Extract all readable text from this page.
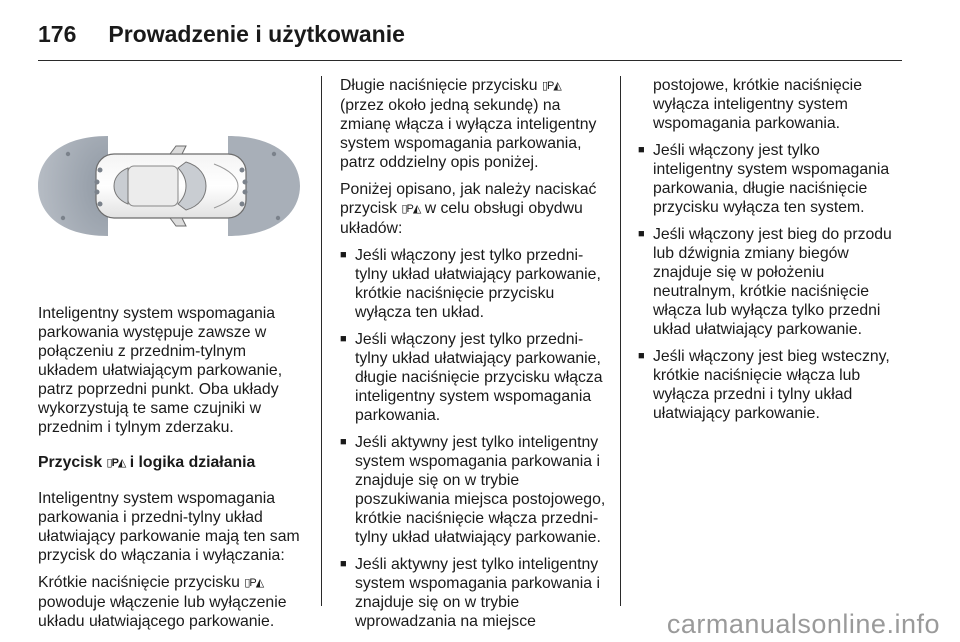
176 Prowadzenie i użytkowanie

Inteligentny system wspomagania parkowania występuje zawsze w połączeniu z przednim-tylnym układem ułatwiającym parkowanie, patrz poprzedni punkt. Oba układy wykorzystują te same czujniki w przednim i tylnym zderzaku.

Przycisk ▯P◭ i logika działania

Inteligentny system wspomagania parkowania i przedni-tylny układ ułatwiający parkowanie mają ten sam przycisk do włączania i wyłączania:

Krótkie naciśnięcie przycisku ▯P◭ powoduje włączenie lub wyłączenie układu ułatwiającego parkowanie.

Długie naciśnięcie przycisku ▯P◭ (przez około jedną sekundę) na zmianę włącza i wyłącza inteligentny system wspomagania parkowania, patrz oddzielny opis poniżej.

Poniżej opisano, jak należy naciskać przycisk ▯P◭ w celu obsługi obydwu układów:

■ Jeśli włączony jest tylko przedni-tylny układ ułatwiający parkowanie, krótkie naciśnięcie przycisku wyłącza ten układ.
■ Jeśli włączony jest tylko przedni-tylny układ ułatwiający parkowanie, długie naciśnięcie przycisku włącza inteligentny system wspomagania parkowania.
■ Jeśli aktywny jest tylko inteligentny system wspomagania parkowania i znajduje się on w trybie poszukiwania miejsca postojowego, krótkie naciśnięcie włącza przedni-tylny układ ułatwiający parkowanie.
■ Jeśli aktywny jest tylko inteligentny system wspomagania parkowania i znajduje się on w trybie wprowadzania na miejsce

postojowe, krótkie naciśnięcie wyłącza inteligentny system wspomagania parkowania.

■ Jeśli włączony jest tylko inteligentny system wspomagania parkowania, długie naciśnięcie przycisku wyłącza ten system.
■ Jeśli włączony jest bieg do przodu lub dźwignia zmiany biegów znajduje się w położeniu neutralnym, krótkie naciśnięcie włącza lub wyłącza tylko przedni układ ułatwiający parkowanie.
■ Jeśli włączony jest bieg wsteczny, krótkie naciśnięcie włącza lub wyłącza przedni i tylny układ ułatwiający parkowanie.
carmanualsonline.info
